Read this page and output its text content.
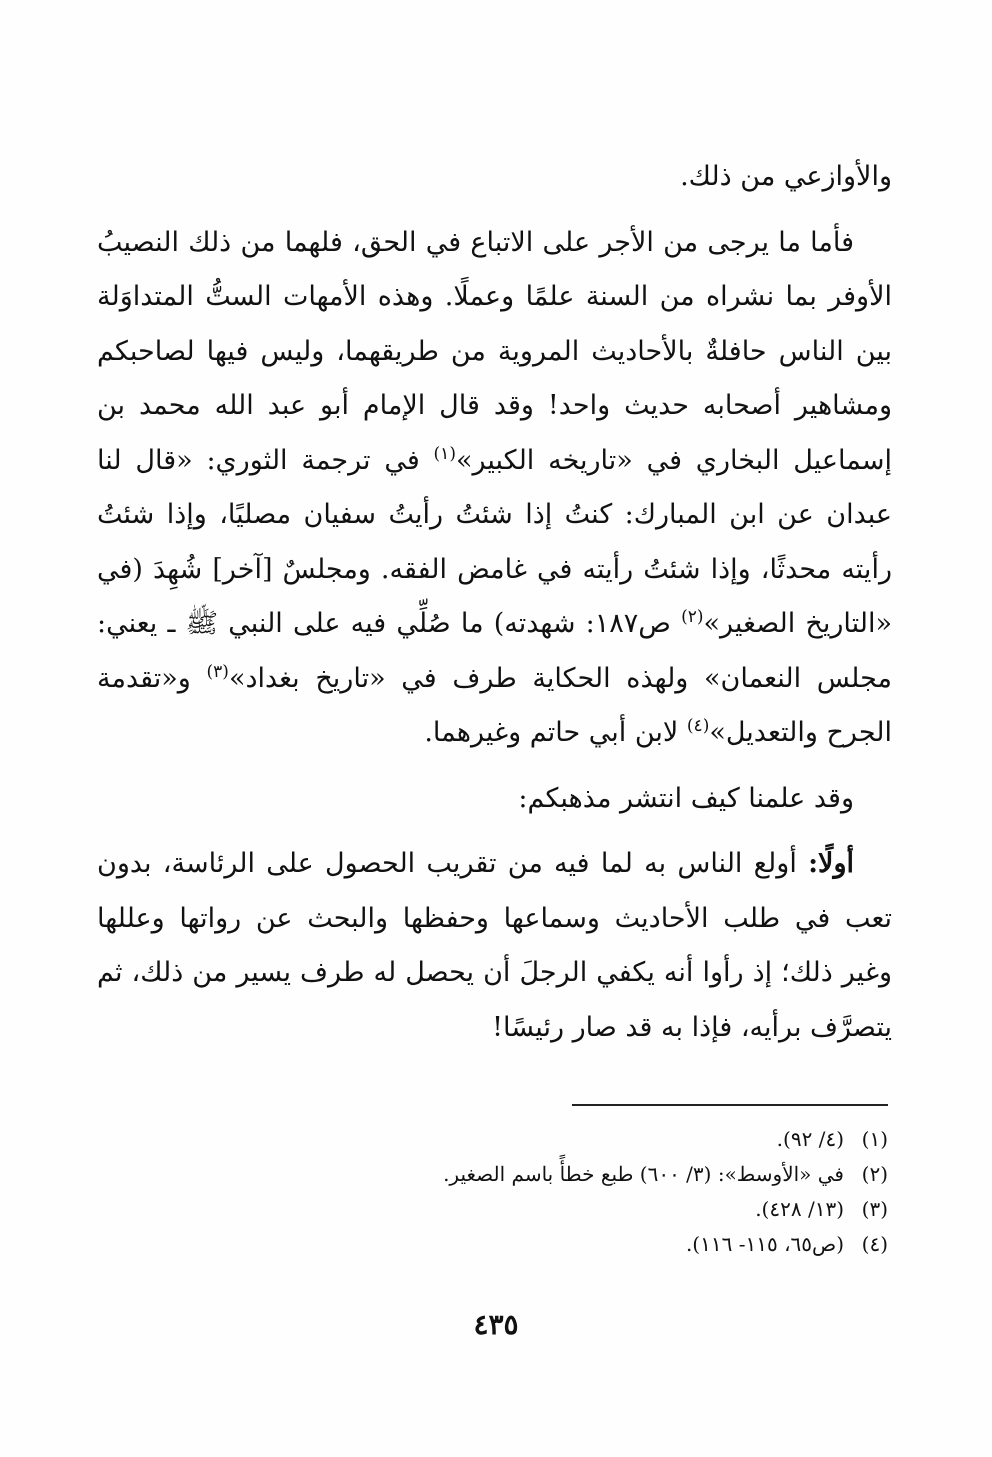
والأوازعي من ذلك.

فأما ما يرجى من الأجر على الاتباع في الحق، فلهما من ذلك النصيبُ الأوفر بما نشراه من السنة علمًا وعملًا. وهذه الأمهات الستُّ المتداوَلة بين الناس حافلةٌ بالأحاديث المروية من طريقهما، وليس فيها لصاحبكم ومشاهير أصحابه حديث واحد! وقد قال الإمام أبو عبد الله محمد بن إسماعيل البخاري في «تاريخه الكبير»$^{(١)}$ في ترجمة الثوري: «قال لنا عبدان عن ابن المبارك: كنتُ إذا شئتُ رأيتُ سفيان مصليًا، وإذا شئتُ رأيته محدثًا، وإذا شئتُ رأيته في غامض الفقه. ومجلسٌ [آخر] شُهِدَ (في «التاريخ الصغير»$^{(٢)}$ ص١٨٧: شهدته) ما صُلِّي فيه على النبي ﷺ ـ يعني: مجلس النعمان» ولهذه الحكاية طرف في «تاريخ بغداد»$^{(٣)}$ و«تقدمة الجرح والتعديل»$^{(٤)}$ لابن أبي حاتم وغيرهما.

وقد علمنا كيف انتشر مذهبكم:

أولًا: أولع الناس به لما فيه من تقريب الحصول على الرئاسة، بدون تعب في طلب الأحاديث وسماعها وحفظها والبحث عن رواتها وعللها وغير ذلك؛ إذ رأوا أنه يكفي الرجلَ أن يحصل له طرف يسير من ذلك، ثم يتصرَّف برأيه، فإذا به قد صار رئيسًا!

(١)
(٤/ ٩٢).
(٢)
في «الأوسط»: (٣/ ٦٠٠) طبع خطأً باسم الصغير.
(٣)
(١٣/ ٤٢٨).
(٤)
(ص٦٥، ١١٥- ١١٦).
٤٣٥
